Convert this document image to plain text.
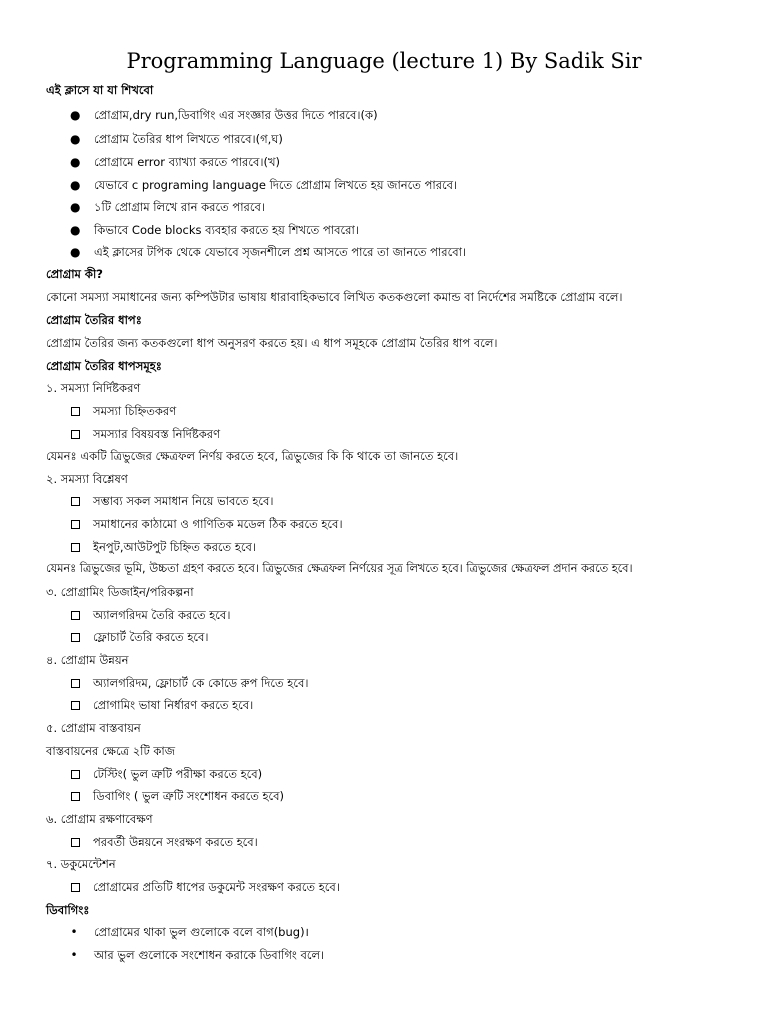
Programming Language (lecture 1) By Sadik Sir
এই ক্লাসে যা যা শিখবো
● প্রোগ্রাম,dry run,ডিবাগিং এর সংজ্ঞার উত্তর দিতে পারবে।(ক)
● প্রোগ্রাম তৈরির ধাপ লিখতে পারবে।(গ,ঘ)
● প্রোগ্রামে error ব্যাখ্যা করতে পারবে।(খ)
● যেভাবে c programing language দিতে প্রোগ্রাম লিখতে হয় জানতে পারবে।
● ১টি প্রোগ্রাম লিখে রান করতে পারবে।
● কিভাবে Code blocks ব্যবহার করতে হয় শিখতে পাবরো।
● এই ক্লাসের টপিক থেকে যেভাবে সৃজনশীলে প্রশ্ন আসতে পারে তা জানতে পারবো।
প্রোগ্রাম কী?
কোনো সমস্যা সমাধানের জন্য কম্পিউটার ভাষায় ধারাবাহিকভাবে লিখিত কতকগুলো কমান্ড বা নির্দেশের সমষ্টিকে প্রোগ্রাম বলে।
প্রোগ্রাম তৈরির ধাপঃ
প্রোগ্রাম তৈরির জন্য কতকগুলো ধাপ অনুসরণ করতে হয়। এ ধাপ সমূহকে প্রোগ্রাম তৈরির ধাপ বলে।
প্রোগ্রাম তৈরির ধাপসমূহঃ
১. সমস্যা নির্দিষ্টকরণ
সমস্যা চিহ্নিতকরণ
সমস্যার বিষয়বস্ত নির্দিষ্টকরণ
যেমনঃ একটি ত্রিভুজের ক্ষেত্রফল নির্ণয় করতে হবে, ত্রিভুজের কি কি থাকে তা জানতে হবে।
২. সমস্যা বিশ্লেষণ
সম্ভাব্য সকল সমাধান নিয়ে ভাবতে হবে।
সমাধানের কাঠামো ও গাণিতিক মডেল ঠিক করতে হবে।
ইনপুট,আউটপুট চিহ্নিত করতে হবে।
যেমনঃ ত্রিভুজের ভূমি, উচ্চতা গ্রহণ করতে হবে। ত্রিভুজের ক্ষেত্রফল নির্ণয়ের সূত্র লিখতে হবে। ত্রিভুজের ক্ষেত্রফল প্রদান করতে হবে।
৩. প্রোগ্রামিং ডিজাইন/পরিকল্পনা
অ্যালগরিদম তৈরি করতে হবে।
ফ্লোচার্ট তৈরি করতে হবে।
৪. প্রোগ্রাম উন্নয়ন
অ্যালগরিদম, ফ্লোচার্ট কে কোডে রুপ দিতে হবে।
প্রোগামিং ভাষা নির্ধারণ করতে হবে।
৫. প্রোগ্রাম বাস্তবায়ন
বাস্তবায়নের ক্ষেত্রে ২টি কাজ
টেস্টিং( ভুল ত্রুটি পরীক্ষা করতে হবে)
ডিবাগিং ( ভুল ত্রুটি সংশোধন করতে হবে)
৬. প্রোগ্রাম রক্ষণাবেক্ষণ
পরবর্তী উন্নয়নে সংরক্ষণ করতে হবে।
৭. ডকুমেন্টেশন
প্রোগ্রামের প্রতিটি ধাপের ডকুমেন্ট সংরক্ষণ করতে হবে।
ডিবাগিংঃ
• প্রোগ্রামের থাকা ভুল গুলোকে বলে বাগ(bug)।
• আর ভুল গুলোকে সংশোধন করাকে ডিবাগিং বলে।
